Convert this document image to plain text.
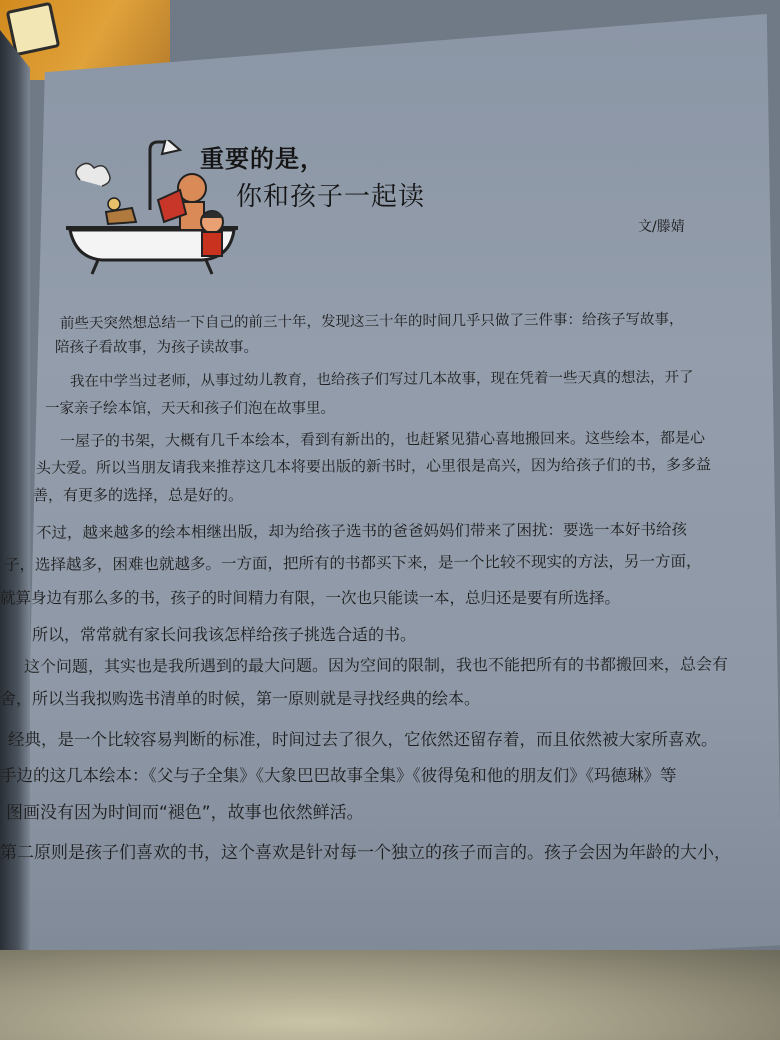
重要的是，
你和孩子一起读
文/滕婧
前些天突然想总结一下自己的前三十年，发现这三十年的时间几乎只做了三件事：给孩子写故事，
陪孩子看故事，为孩子读故事。
我在中学当过老师，从事过幼儿教育，也给孩子们写过几本故事，现在凭着一些天真的想法，开了
一家亲子绘本馆，天天和孩子们泡在故事里。
一屋子的书架，大概有几千本绘本，看到有新出的，也赶紧见猎心喜地搬回来。这些绘本，都是心
头大爱。所以当朋友请我来推荐这几本将要出版的新书时，心里很是高兴，因为给孩子们的书，多多益
善，有更多的选择，总是好的。
不过，越来越多的绘本相继出版，却为给孩子选书的爸爸妈妈们带来了困扰：要选一本好书给孩
子，选择越多，困难也就越多。一方面，把所有的书都买下来，是一个比较不现实的方法，另一方面，
就算身边有那么多的书，孩子的时间精力有限，一次也只能读一本，总归还是要有所选择。
所以，常常就有家长问我该怎样给孩子挑选合适的书。
这个问题，其实也是我所遇到的最大问题。因为空间的限制，我也不能把所有的书都搬回来，总会有
舍，所以当我拟购选书清单的时候，第一原则就是寻找经典的绘本。
经典，是一个比较容易判断的标准，时间过去了很久，它依然还留存着，而且依然被大家所喜欢。
手边的这几本绘本：《父与子全集》《大象巴巴故事全集》《彼得兔和他的朋友们》《玛德琳》等
图画没有因为时间而“褪色”，故事也依然鲜活。
第二原则是孩子们喜欢的书，这个喜欢是针对每一个独立的孩子而言的。孩子会因为年龄的大小，
